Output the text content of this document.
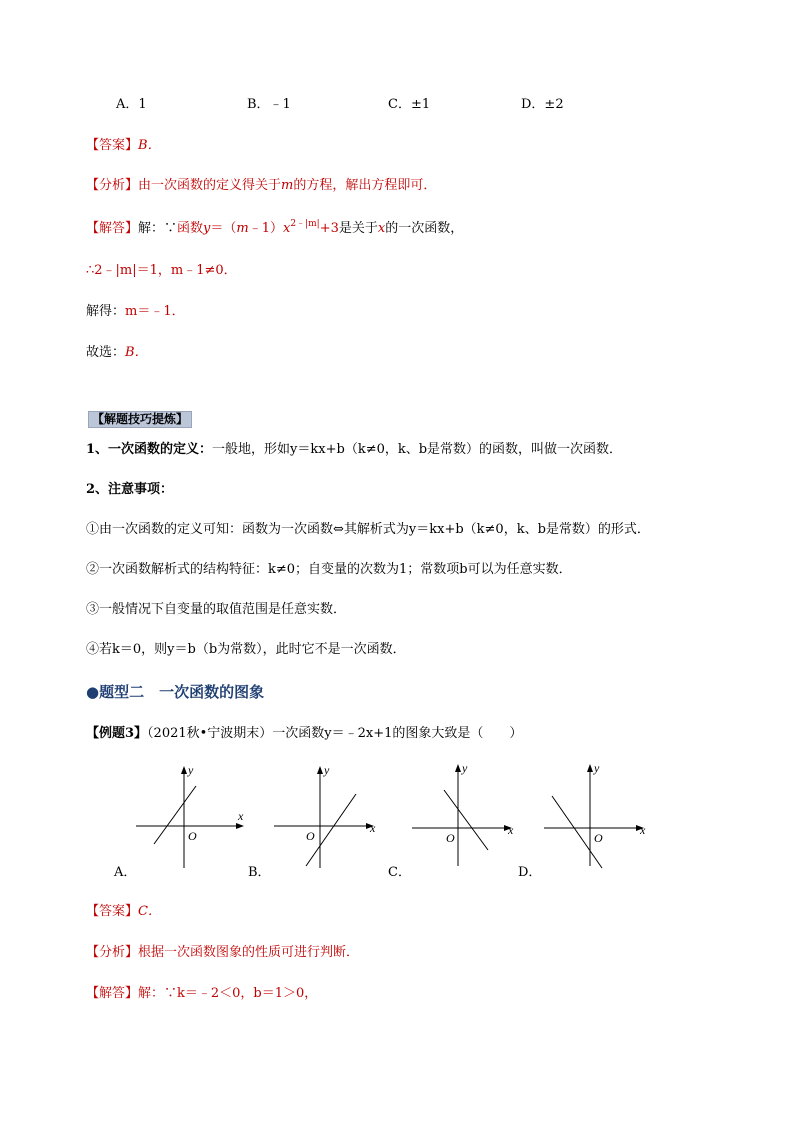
A．1	B．﹣1	C．±1	D．±2
【答案】B．
【分析】由一次函数的定义得关于m的方程，解出方程即可．
【解答】解：∵函数$y=(m﹣1)x^{2﹣|m|}+3$是关于x的一次函数，
∴2﹣|m|＝1，m﹣1≠0．
解得：m＝﹣1．
故选：B．
【解题技巧提炼】
1、一次函数的定义：一般地，形如y＝kx+b（k≠0，k、b是常数）的函数，叫做一次函数．
2、注意事项：
①由一次函数的定义可知：函数为一次函数⇔其解析式为y＝kx+b（k≠0，k、b是常数）的形式．
②一次函数解析式的结构特征：k≠0；自变量的次数为1；常数项b可以为任意实数．
③一般情况下自变量的取值范围是任意实数．
④若k＝0，则y＝b（b为常数），此时它不是一次函数．
●题型二　一次函数的图象
【例题3】（2021秋•宁波期末）一次函数y＝﹣2x+1的图象大致是（　　）
x
y
O
A．
x
y
O
B．
x
y
O
C．
x
y
O
D．
【答案】C．
【分析】根据一次函数图象的性质可进行判断．
【解答】解：∵k＝﹣2＜0，b＝1＞0，
